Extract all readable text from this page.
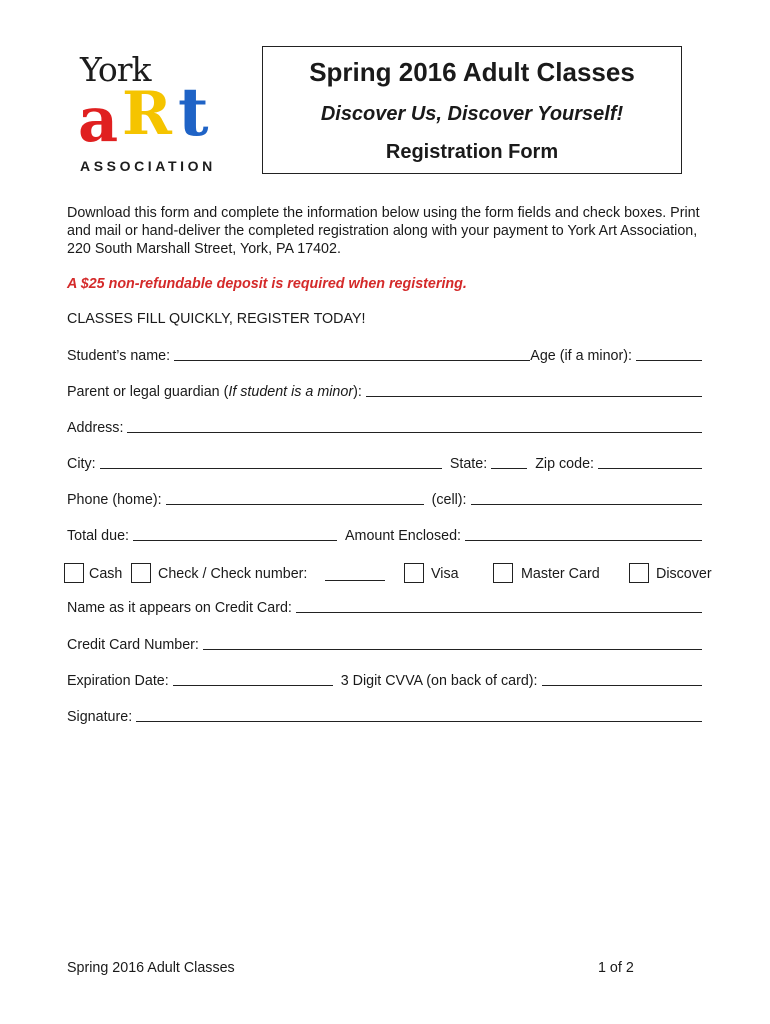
York
a R t
ASSOCIATION
Spring 2016 Adult Classes
Discover Us, Discover Yourself!
Registration Form
Download this form and complete the information below using the form fields and check boxes. Print and mail or hand-deliver the completed registration along with your payment to York Art Association, 220 South Marshall Street, York, PA 17402.
A $25 non-refundable deposit is required when registering.
CLASSES FILL QUICKLY, REGISTER TODAY!
Student’s name:	Age (if a minor):
Parent or legal guardian (If student is a minor):
Address:
City:	State:	Zip code:
Phone (home):	(cell):
Total due:	Amount Enclosed:
Cash Check / Check number:	Visa	Master Card	Discover
Name as it appears on Credit Card:
Credit Card Number:
Expiration Date:	3 Digit CVVA (on back of card):
Signature:
Spring 2016 Adult Classes	1 of 2
